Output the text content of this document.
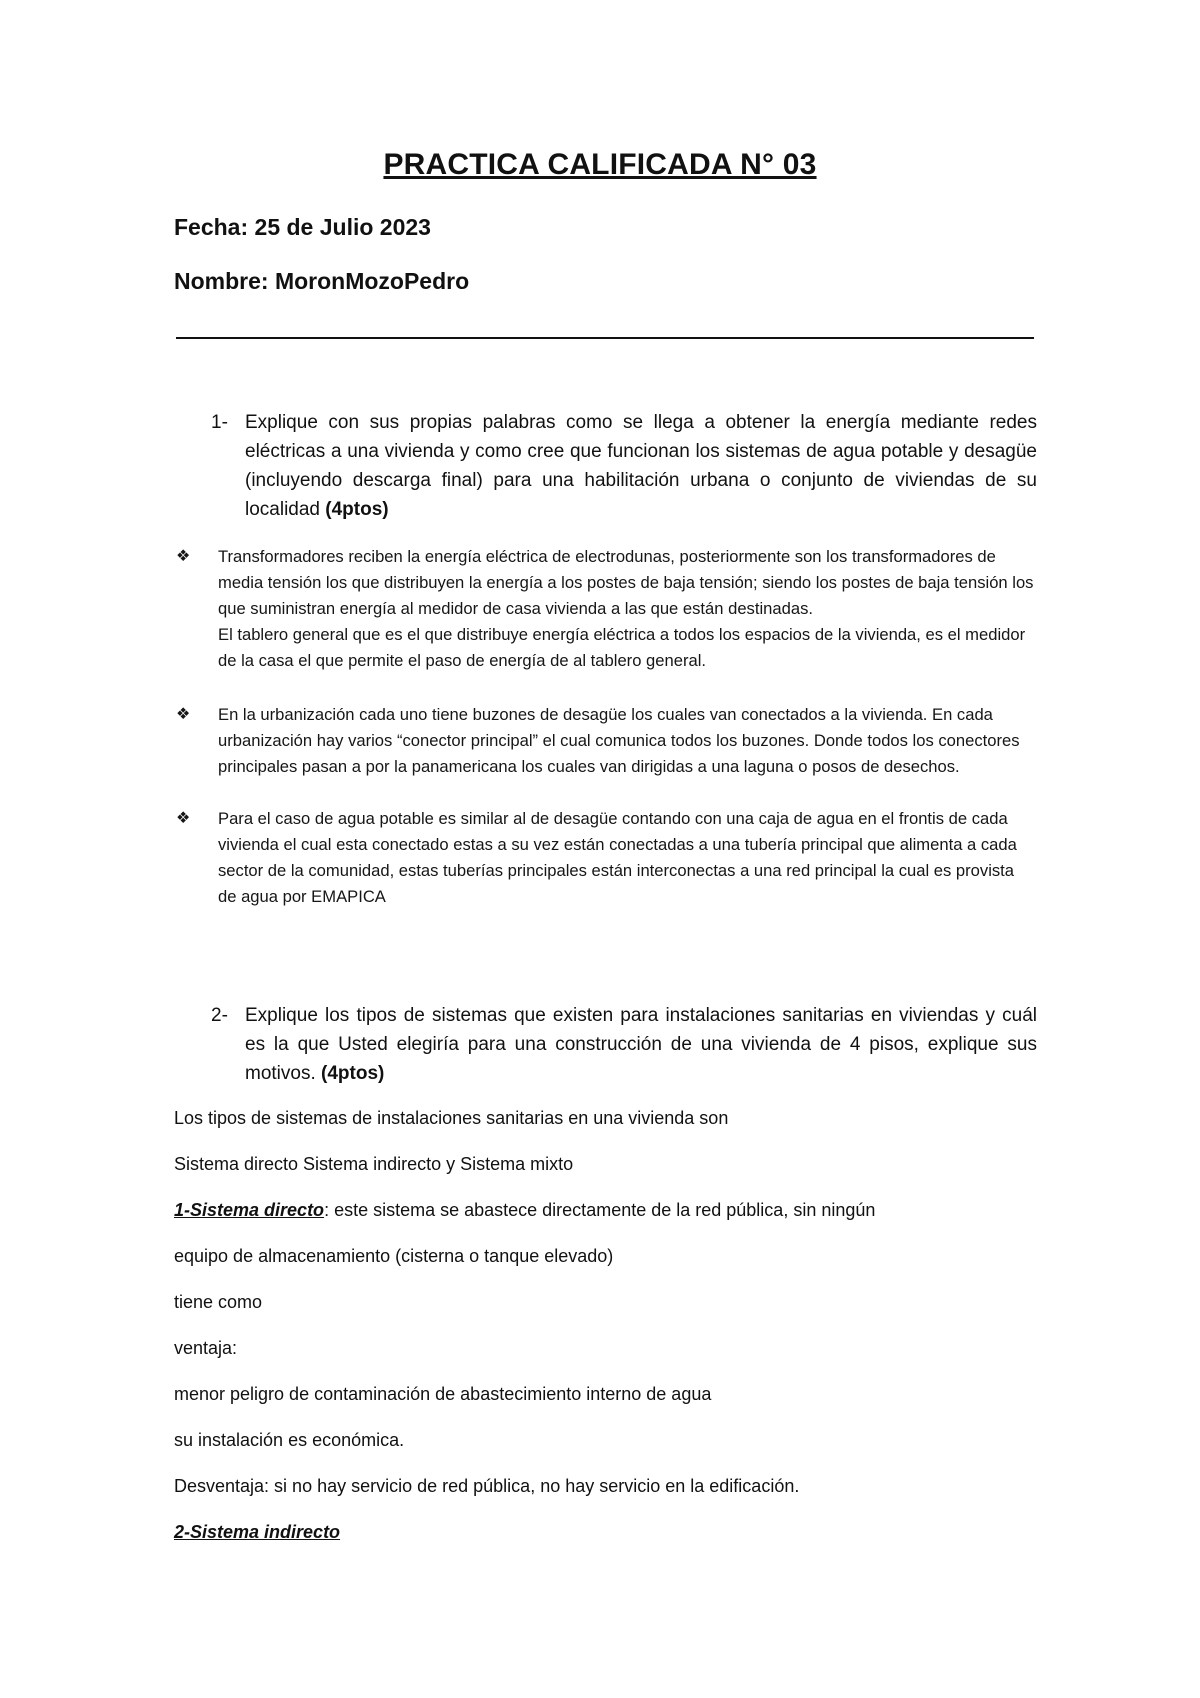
PRACTICA CALIFICADA N° 03
Fecha: 25 de Julio 2023
Nombre: MoronMozoPedro
1- Explique con sus propias palabras como se llega a obtener la energía mediante redes eléctricas a una vivienda y como cree que funcionan los sistemas de agua potable y desagüe (incluyendo descarga final) para una habilitación urbana o conjunto de viviendas de su localidad (4ptos)
❖ Transformadores reciben la energía eléctrica de electrodunas, posteriormente son los transformadores de media tensión los que distribuyen la energía a los postes de baja tensión; siendo los postes de baja tensión los que suministran energía al medidor de casa vivienda a las que están destinadas.
El tablero general que es el que distribuye energía eléctrica a todos los espacios de la vivienda, es el medidor de la casa el que permite el paso de energía de al tablero general.
❖ En la urbanización cada uno tiene buzones de desagüe los cuales van conectados a la vivienda. En cada urbanización hay varios “conector principal” el cual comunica todos los buzones. Donde todos los conectores principales pasan a por la panamericana los cuales van dirigidas a una laguna o posos de desechos.
❖ Para el caso de agua potable es similar al de desagüe contando con una caja de agua en el frontis de cada vivienda el cual esta conectado estas a su vez están conectadas a una tubería principal que alimenta a cada sector de la comunidad, estas tuberías principales están interconectas a una red principal la cual es provista de agua por EMAPICA
2- Explique los tipos de sistemas que existen para instalaciones sanitarias en viviendas y cuál es la que Usted elegiría para una construcción de una vivienda de 4 pisos, explique sus motivos. (4ptos)
Los tipos de sistemas de instalaciones sanitarias en una vivienda son
Sistema directo Sistema indirecto y Sistema mixto
1-Sistema directo: este sistema se abastece directamente de la red pública, sin ningún
equipo de almacenamiento (cisterna o tanque elevado)
tiene como
ventaja:
menor peligro de contaminación de abastecimiento interno de agua
su instalación es económica.
Desventaja: si no hay servicio de red pública, no hay servicio en la edificación.
2-Sistema indirecto
